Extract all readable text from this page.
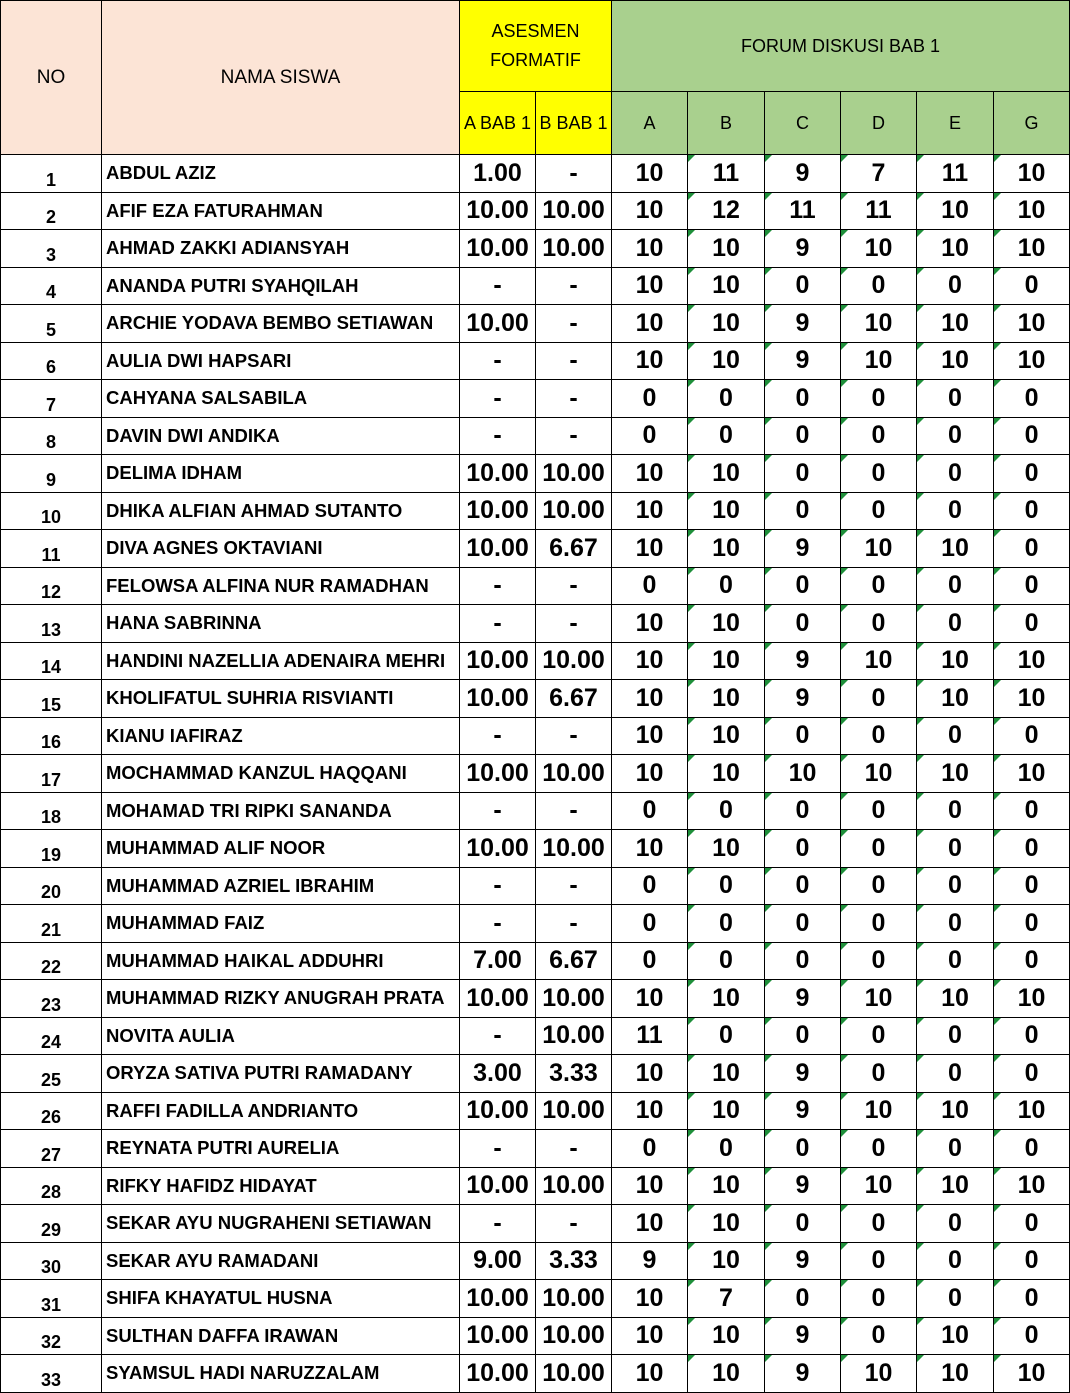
NO	NAMA SISWA	ASESMEN
FORMATIF		FORUM DISKUSI BAB 1					
		A BAB 1	B BAB 1	A	B	C	D	E	G
1	ABDUL AZIZ	1.00	-	10	11	9	7	11	10
2	AFIF EZA FATURAHMAN	10.00	10.00	10	12	11	11	10	10
3	AHMAD ZAKKI ADIANSYAH	10.00	10.00	10	10	9	10	10	10
4	ANANDA PUTRI SYAHQILAH	-	-	10	10	0	0	0	0
5	ARCHIE YODAVA BEMBO SETIAWAN	10.00	-	10	10	9	10	10	10
6	AULIA DWI HAPSARI	-	-	10	10	9	10	10	10
7	CAHYANA SALSABILA	-	-	0	0	0	0	0	0
8	DAVIN DWI ANDIKA	-	-	0	0	0	0	0	0
9	DELIMA IDHAM	10.00	10.00	10	10	0	0	0	0
10	DHIKA ALFIAN AHMAD SUTANTO	10.00	10.00	10	10	0	0	0	0
11	DIVA AGNES OKTAVIANI	10.00	6.67	10	10	9	10	10	0
12	FELOWSA ALFINA NUR RAMADHAN	-	-	0	0	0	0	0	0
13	HANA SABRINNA	-	-	10	10	0	0	0	0
14	HANDINI NAZELLIA ADENAIRA MEHRI	10.00	10.00	10	10	9	10	10	10
15	KHOLIFATUL SUHRIA RISVIANTI	10.00	6.67	10	10	9	0	10	10
16	KIANU IAFIRAZ	-	-	10	10	0	0	0	0
17	MOCHAMMAD KANZUL HAQQANI	10.00	10.00	10	10	10	10	10	10
18	MOHAMAD TRI RIPKI SANANDA	-	-	0	0	0	0	0	0
19	MUHAMMAD ALIF NOOR	10.00	10.00	10	10	0	0	0	0
20	MUHAMMAD AZRIEL IBRAHIM	-	-	0	0	0	0	0	0
21	MUHAMMAD FAIZ	-	-	0	0	0	0	0	0
22	MUHAMMAD HAIKAL ADDUHRI	7.00	6.67	0	0	0	0	0	0
23	MUHAMMAD RIZKY ANUGRAH PRATA	10.00	10.00	10	10	9	10	10	10
24	NOVITA AULIA	-	10.00	11	0	0	0	0	0
25	ORYZA SATIVA PUTRI RAMADANY	3.00	3.33	10	10	9	0	0	0
26	RAFFI FADILLA ANDRIANTO	10.00	10.00	10	10	9	10	10	10
27	REYNATA PUTRI AURELIA	-	-	0	0	0	0	0	0
28	RIFKY HAFIDZ HIDAYAT	10.00	10.00	10	10	9	10	10	10
29	SEKAR AYU NUGRAHENI SETIAWAN	-	-	10	10	0	0	0	0
30	SEKAR AYU RAMADANI	9.00	3.33	9	10	9	0	0	0
31	SHIFA KHAYATUL HUSNA	10.00	10.00	10	7	0	0	0	0
32	SULTHAN DAFFA IRAWAN	10.00	10.00	10	10	9	0	10	0
33	SYAMSUL HADI NARUZZALAM	10.00	10.00	10	10	9	10	10	10
